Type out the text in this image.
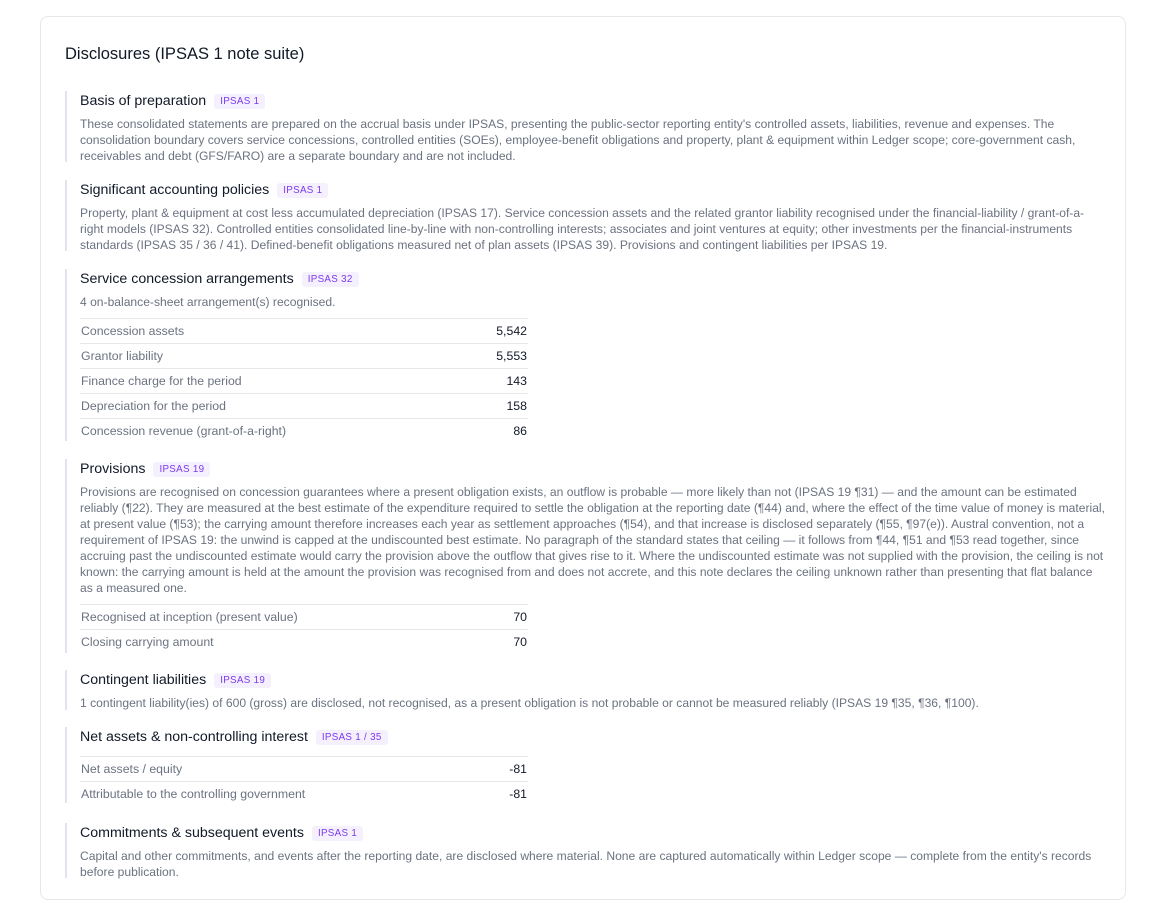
Disclosures (IPSAS 1 note suite)
Basis of preparation	IPSAS 1

These consolidated statements are prepared on the accrual basis under IPSAS, presenting the public-sector reporting entity's controlled assets, liabilities, revenue and expenses. The consolidation boundary covers service concessions, controlled entities (SOEs), employee-benefit obligations and property, plant & equipment within Ledger scope; core-government cash, receivables and debt (GFS/FARO) are a separate boundary and are not included.

Significant accounting policies	IPSAS 1

Property, plant & equipment at cost less accumulated depreciation (IPSAS 17). Service concession assets and the related grantor liability recognised under the financial-liability / grant-of-a-right models (IPSAS 32). Controlled entities consolidated line-by-line with non-controlling interests; associates and joint ventures at equity; other investments per the financial-instruments standards (IPSAS 35 / 36 / 41). Defined-benefit obligations measured net of plan assets (IPSAS 39). Provisions and contingent liabilities per IPSAS 19.

Service concession arrangements	IPSAS 32

4 on-balance-sheet arrangement(s) recognised.

Concession assets	5,542
Grantor liability	5,553
Finance charge for the period	143
Depreciation for the period	158
Concession revenue (grant-of-a-right)	86
Provisions	IPSAS 19

Provisions are recognised on concession guarantees where a present obligation exists, an outflow is probable — more likely than not (IPSAS 19 ¶31) — and the amount can be estimated reliably (¶22). They are measured at the best estimate of the expenditure required to settle the obligation at the reporting date (¶44) and, where the effect of the time value of money is material, at present value (¶53); the carrying amount therefore increases each year as settlement approaches (¶54), and that increase is disclosed separately (¶55, ¶97(e)). Austral convention, not a requirement of IPSAS 19: the unwind is capped at the undiscounted best estimate. No paragraph of the standard states that ceiling — it follows from ¶44, ¶51 and ¶53 read together, since accruing past the undiscounted estimate would carry the provision above the outflow that gives rise to it. Where the undiscounted estimate was not supplied with the provision, the ceiling is not known: the carrying amount is held at the amount the provision was recognised from and does not accrete, and this note declares the ceiling unknown rather than presenting that flat balance as a measured one.

Recognised at inception (present value)	70
Closing carrying amount	70
Contingent liabilities	IPSAS 19

1 contingent liability(ies) of 600 (gross) are disclosed, not recognised, as a present obligation is not probable or cannot be measured reliably (IPSAS 19 ¶35, ¶36, ¶100).

Net assets & non-controlling interest	IPSAS 1 / 35
Net assets / equity	-81
Attributable to the controlling government	-81
Commitments & subsequent events	IPSAS 1

Capital and other commitments, and events after the reporting date, are disclosed where material. None are captured automatically within Ledger scope — complete from the entity's records before publication.
